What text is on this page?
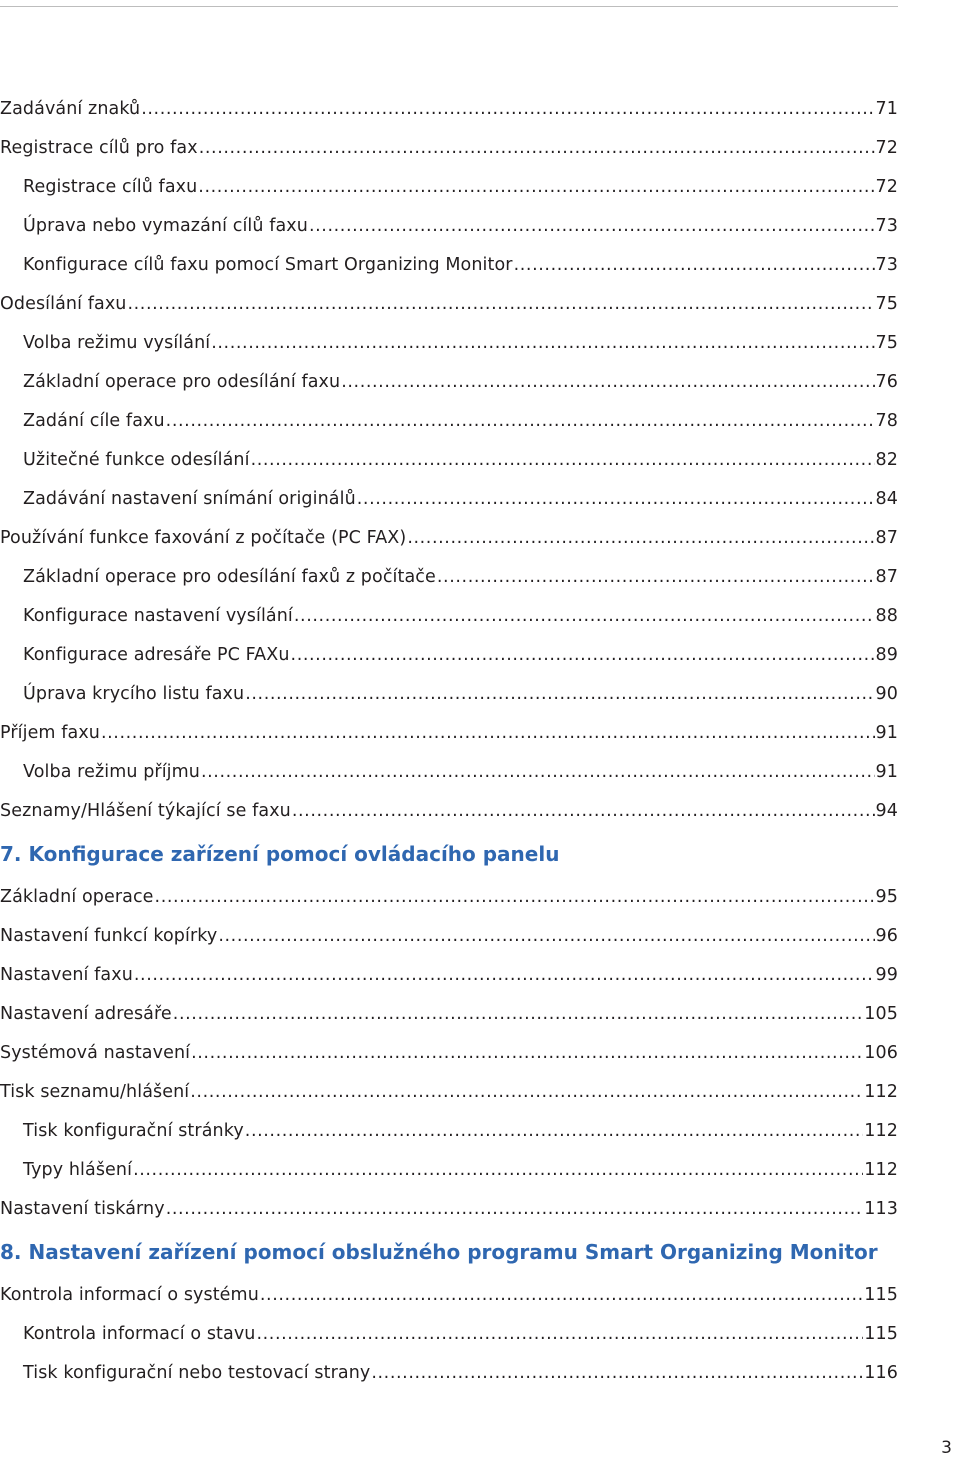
Zadávání znaků .....	71
Registrace cílů pro fax .....	72
Registrace cílů faxu .....	72
Úprava nebo vymazání cílů faxu .....	73
Konfigurace cílů faxu pomocí Smart Organizing Monitor .....	73
Odesílání faxu .....	75
Volba režimu vysílání .....	75
Základní operace pro odesílání faxu .....	76
Zadání cíle faxu .....	78
Užitečné funkce odesílání .....	82
Zadávání nastavení snímání originálů .....	84
Používání funkce faxování z počítače (PC FAX) .....	87
Základní operace pro odesílání faxů z počítače .....	87
Konfigurace nastavení vysílání .....	88
Konfigurace adresáře PC FAXu .....	89
Úprava krycího listu faxu .....	90
Příjem faxu .....	91
Volba režimu příjmu .....	91
Seznamy/Hlášení týkající se faxu .....	94
7. Konfigurace zařízení pomocí ovládacího panelu
Základní operace .....	95
Nastavení funkcí kopírky .....	96
Nastavení faxu .....	99
Nastavení adresáře .....	105
Systémová nastavení .....	106
Tisk seznamu/hlášení .....	112
Tisk konfigurační stránky .....	112
Typy hlášení .....	112
Nastavení tiskárny .....	113
8. Nastavení zařízení pomocí obslužného programu Smart Organizing Monitor
Kontrola informací o systému .....	115
Kontrola informací o stavu .....	115
Tisk konfigurační nebo testovací strany .....	116
3
